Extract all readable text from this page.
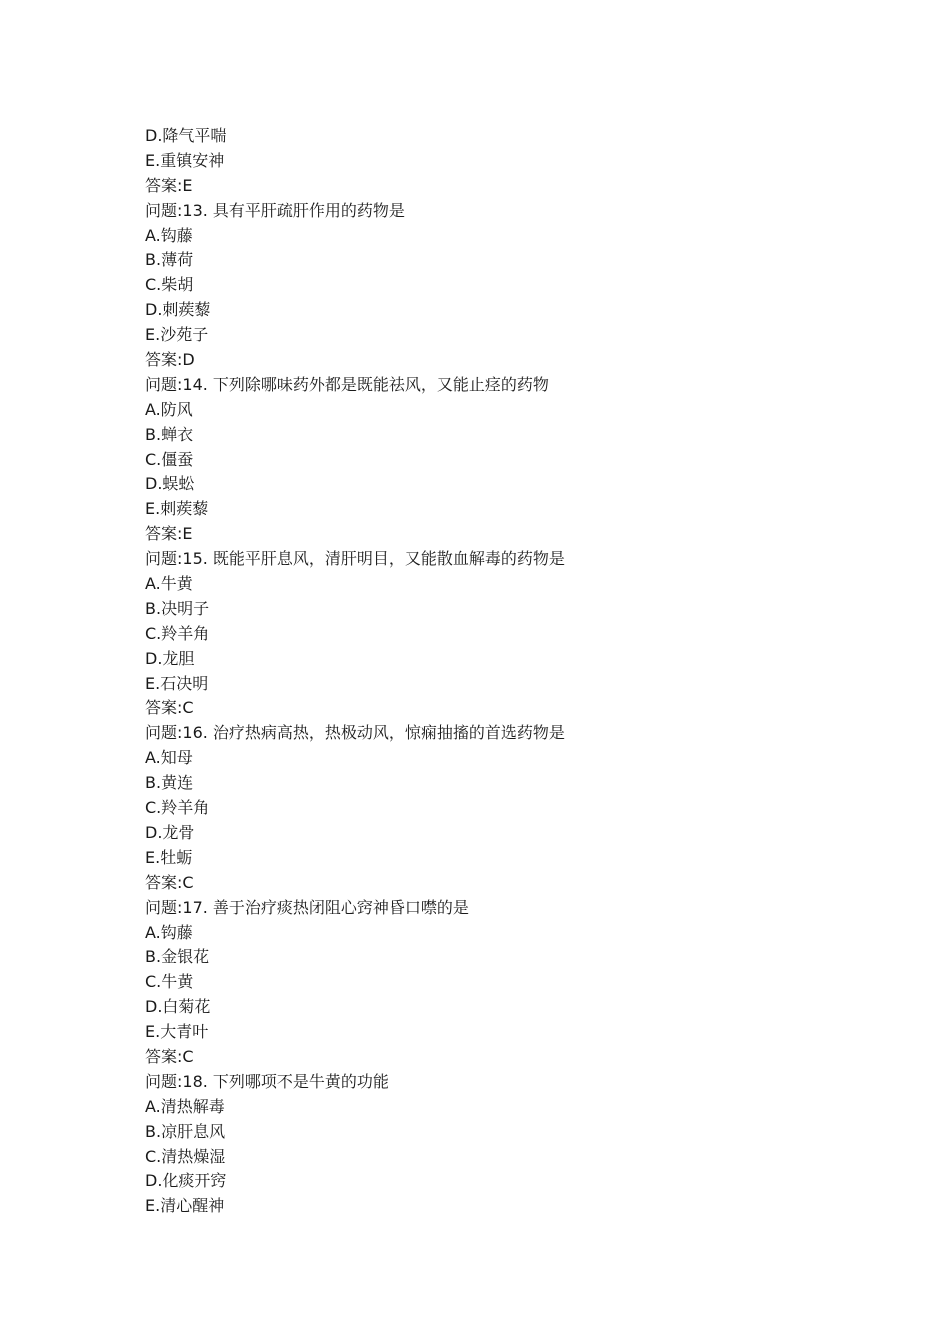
D.降气平喘
E.重镇安神
答案:E
问题:13. 具有平肝疏肝作用的药物是
A.钩藤
B.薄荷
C.柴胡
D.刺蒺藜
E.沙苑子
答案:D
问题:14. 下列除哪味药外都是既能祛风，又能止痉的药物
A.防风
B.蝉衣
C.僵蚕
D.蜈蚣
E.刺蒺藜
答案:E
问题:15. 既能平肝息风，清肝明目，又能散血解毒的药物是
A.牛黄
B.决明子
C.羚羊角
D.龙胆
E.石决明
答案:C
问题:16. 治疗热病高热，热极动风，惊痫抽搐的首选药物是
A.知母
B.黄连
C.羚羊角
D.龙骨
E.牡蛎
答案:C
问题:17. 善于治疗痰热闭阻心窍神昏口噤的是
A.钩藤
B.金银花
C.牛黄
D.白菊花
E.大青叶
答案:C
问题:18. 下列哪项不是牛黄的功能
A.清热解毒
B.凉肝息风
C.清热燥湿
D.化痰开窍
E.清心醒神
